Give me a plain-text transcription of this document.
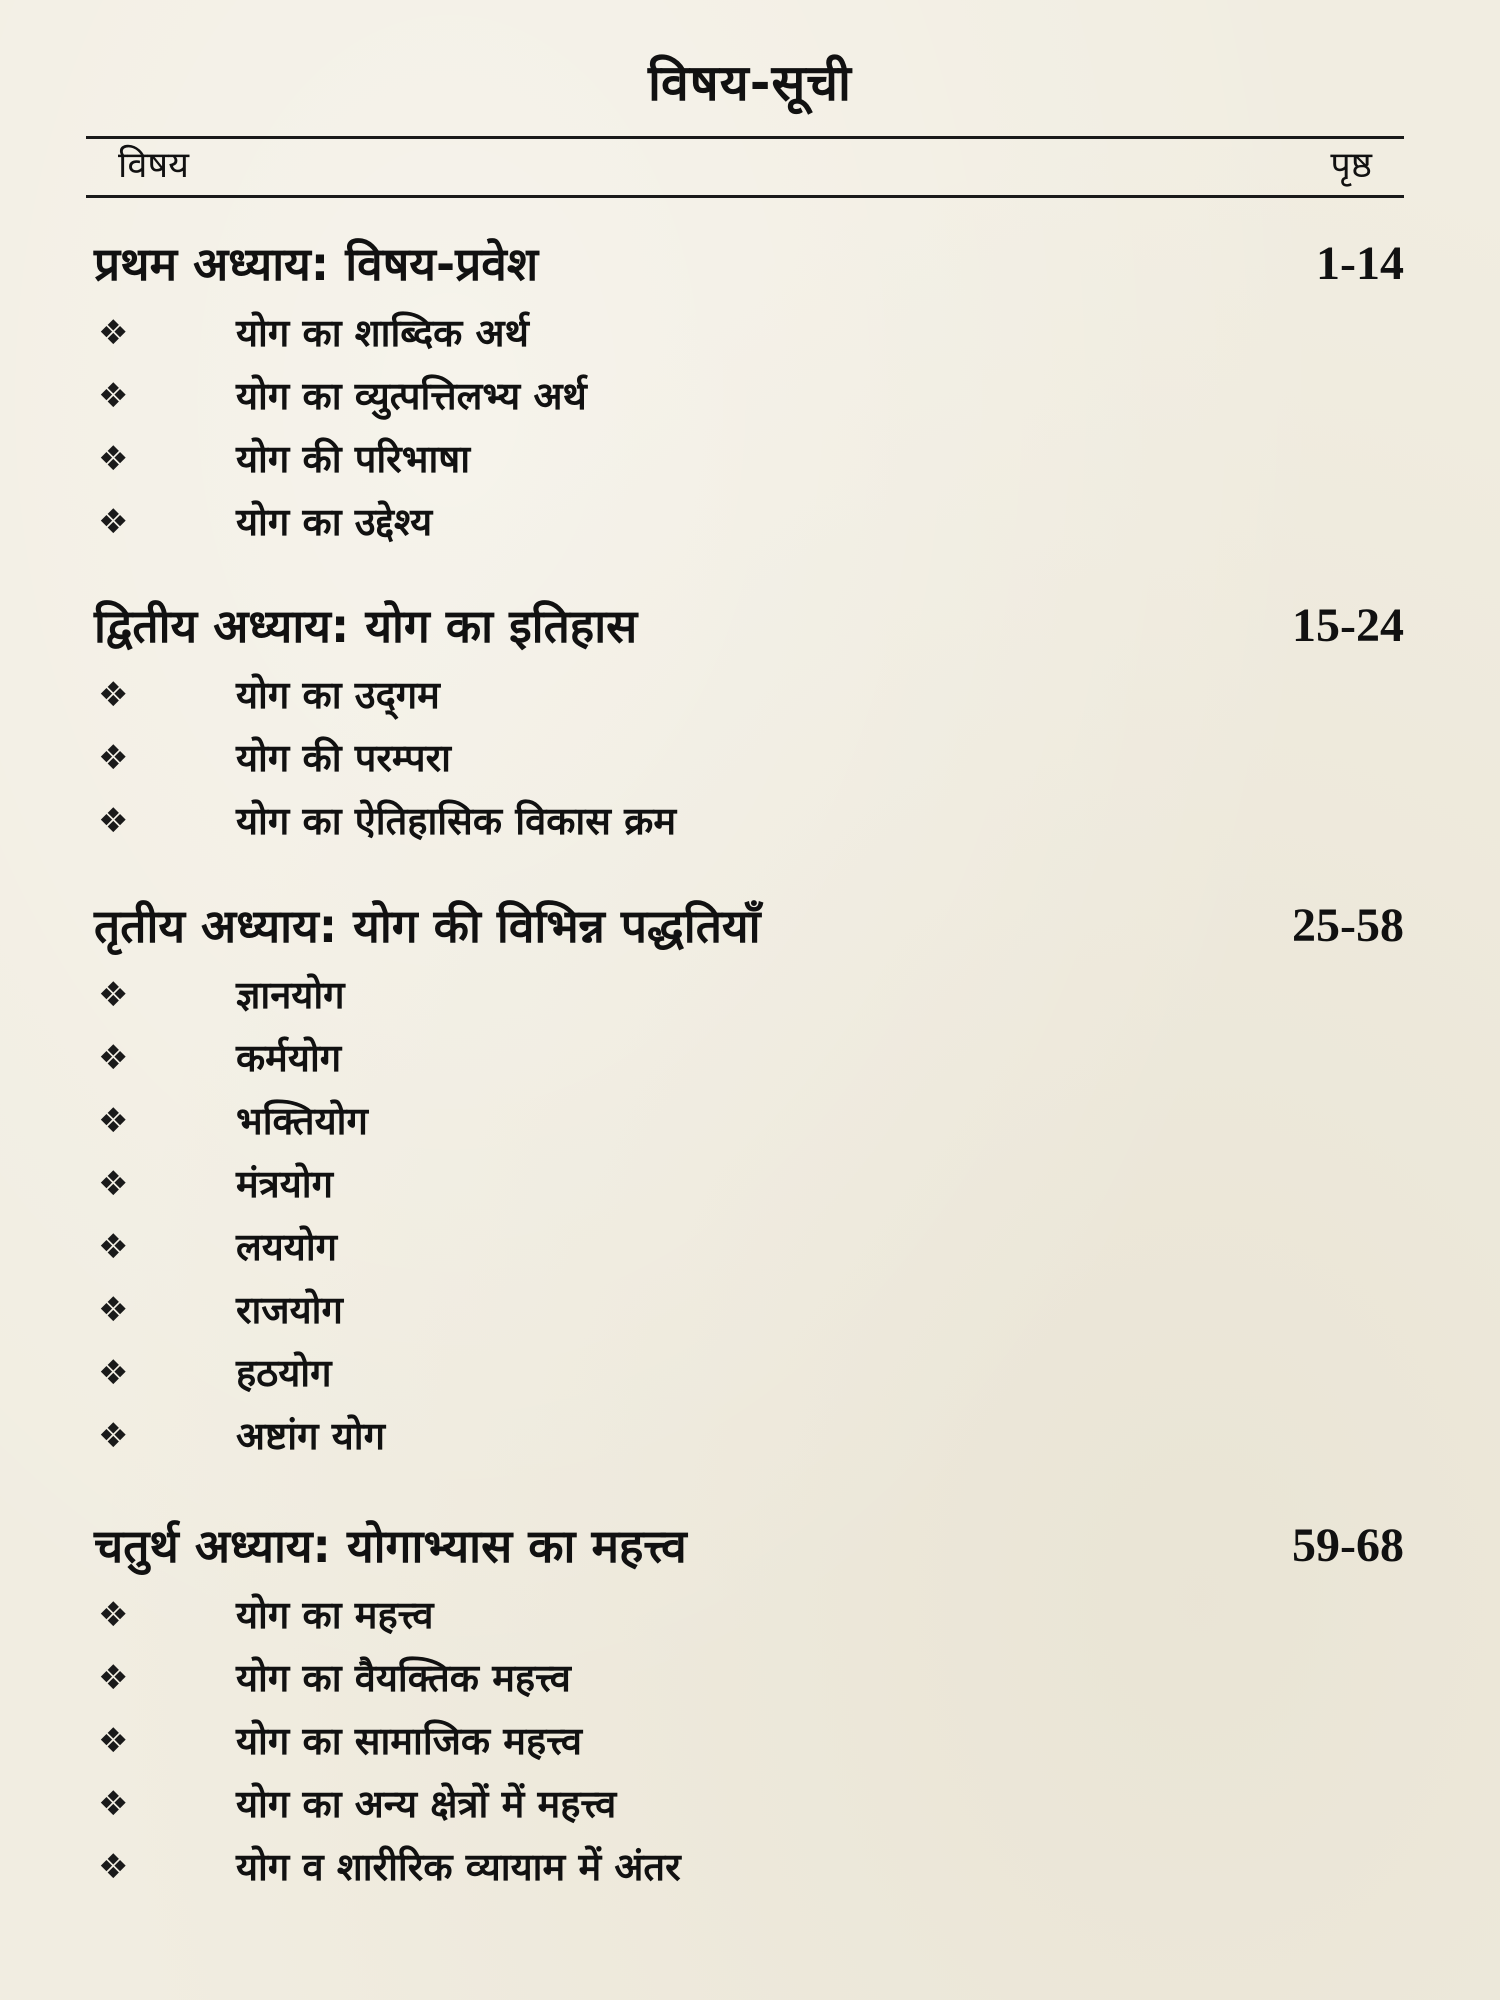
विषय-सूची
विषय	पृष्ठ
प्रथम अध्याय: विषय-प्रवेश	1-14
❖	योग का शाब्दिक अर्थ
❖	योग का व्युत्पत्तिलभ्य अर्थ
❖	योग की परिभाषा
❖	योग का उद्देश्य
द्वितीय अध्याय: योग का इतिहास	15-24
❖	योग का उद्‌गम
❖	योग की परम्परा
❖	योग का ऐतिहासिक विकास क्रम
तृतीय अध्याय: योग की विभिन्न पद्धतियाँ	25-58
❖	ज्ञानयोग
❖	कर्मयोग
❖	भक्तियोग
❖	मंत्रयोग
❖	लययोग
❖	राजयोग
❖	हठयोग
❖	अष्टांग योग
चतुर्थ अध्याय: योगाभ्यास का महत्त्व	59-68
❖	योग का महत्त्व
❖	योग का वैयक्तिक महत्त्व
❖	योग का सामाजिक महत्त्व
❖	योग का अन्य क्षेत्रों में महत्त्व
❖	योग व शारीरिक व्यायाम में अंतर
